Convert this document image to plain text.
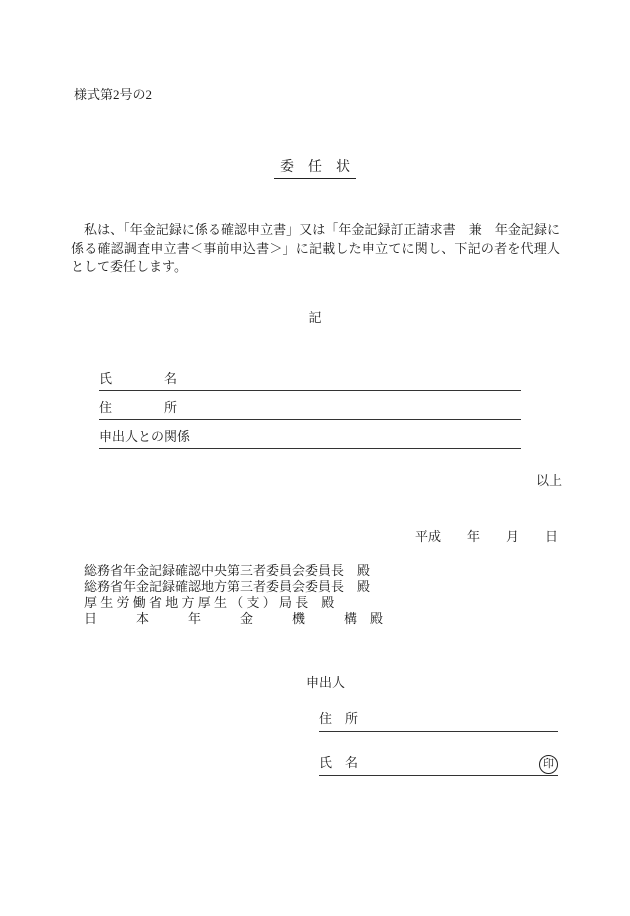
様式第2号の2
委　任　状
　私は、「年金記録に係る確認申立書」又は「年金記録訂正請求書　兼　年金記録に係る確認調査申立書＜事前申込書＞」に記載した申立てに関し、下記の者を代理人として委任します。
記
氏　　　　名
住　　　　所
申出人との関係
以上
平成　　年　　月　　日
総務省年金記録確認中央第三者委員会委員長　殿
総務省年金記録確認地方第三者委員会委員長　殿
厚 生 労 働 省 地 方 厚 生 （ 支 ） 局 長　殿
日　　　本　　　年　　　金　　　機　　　構　殿
申出人
住　所
氏　名	印
